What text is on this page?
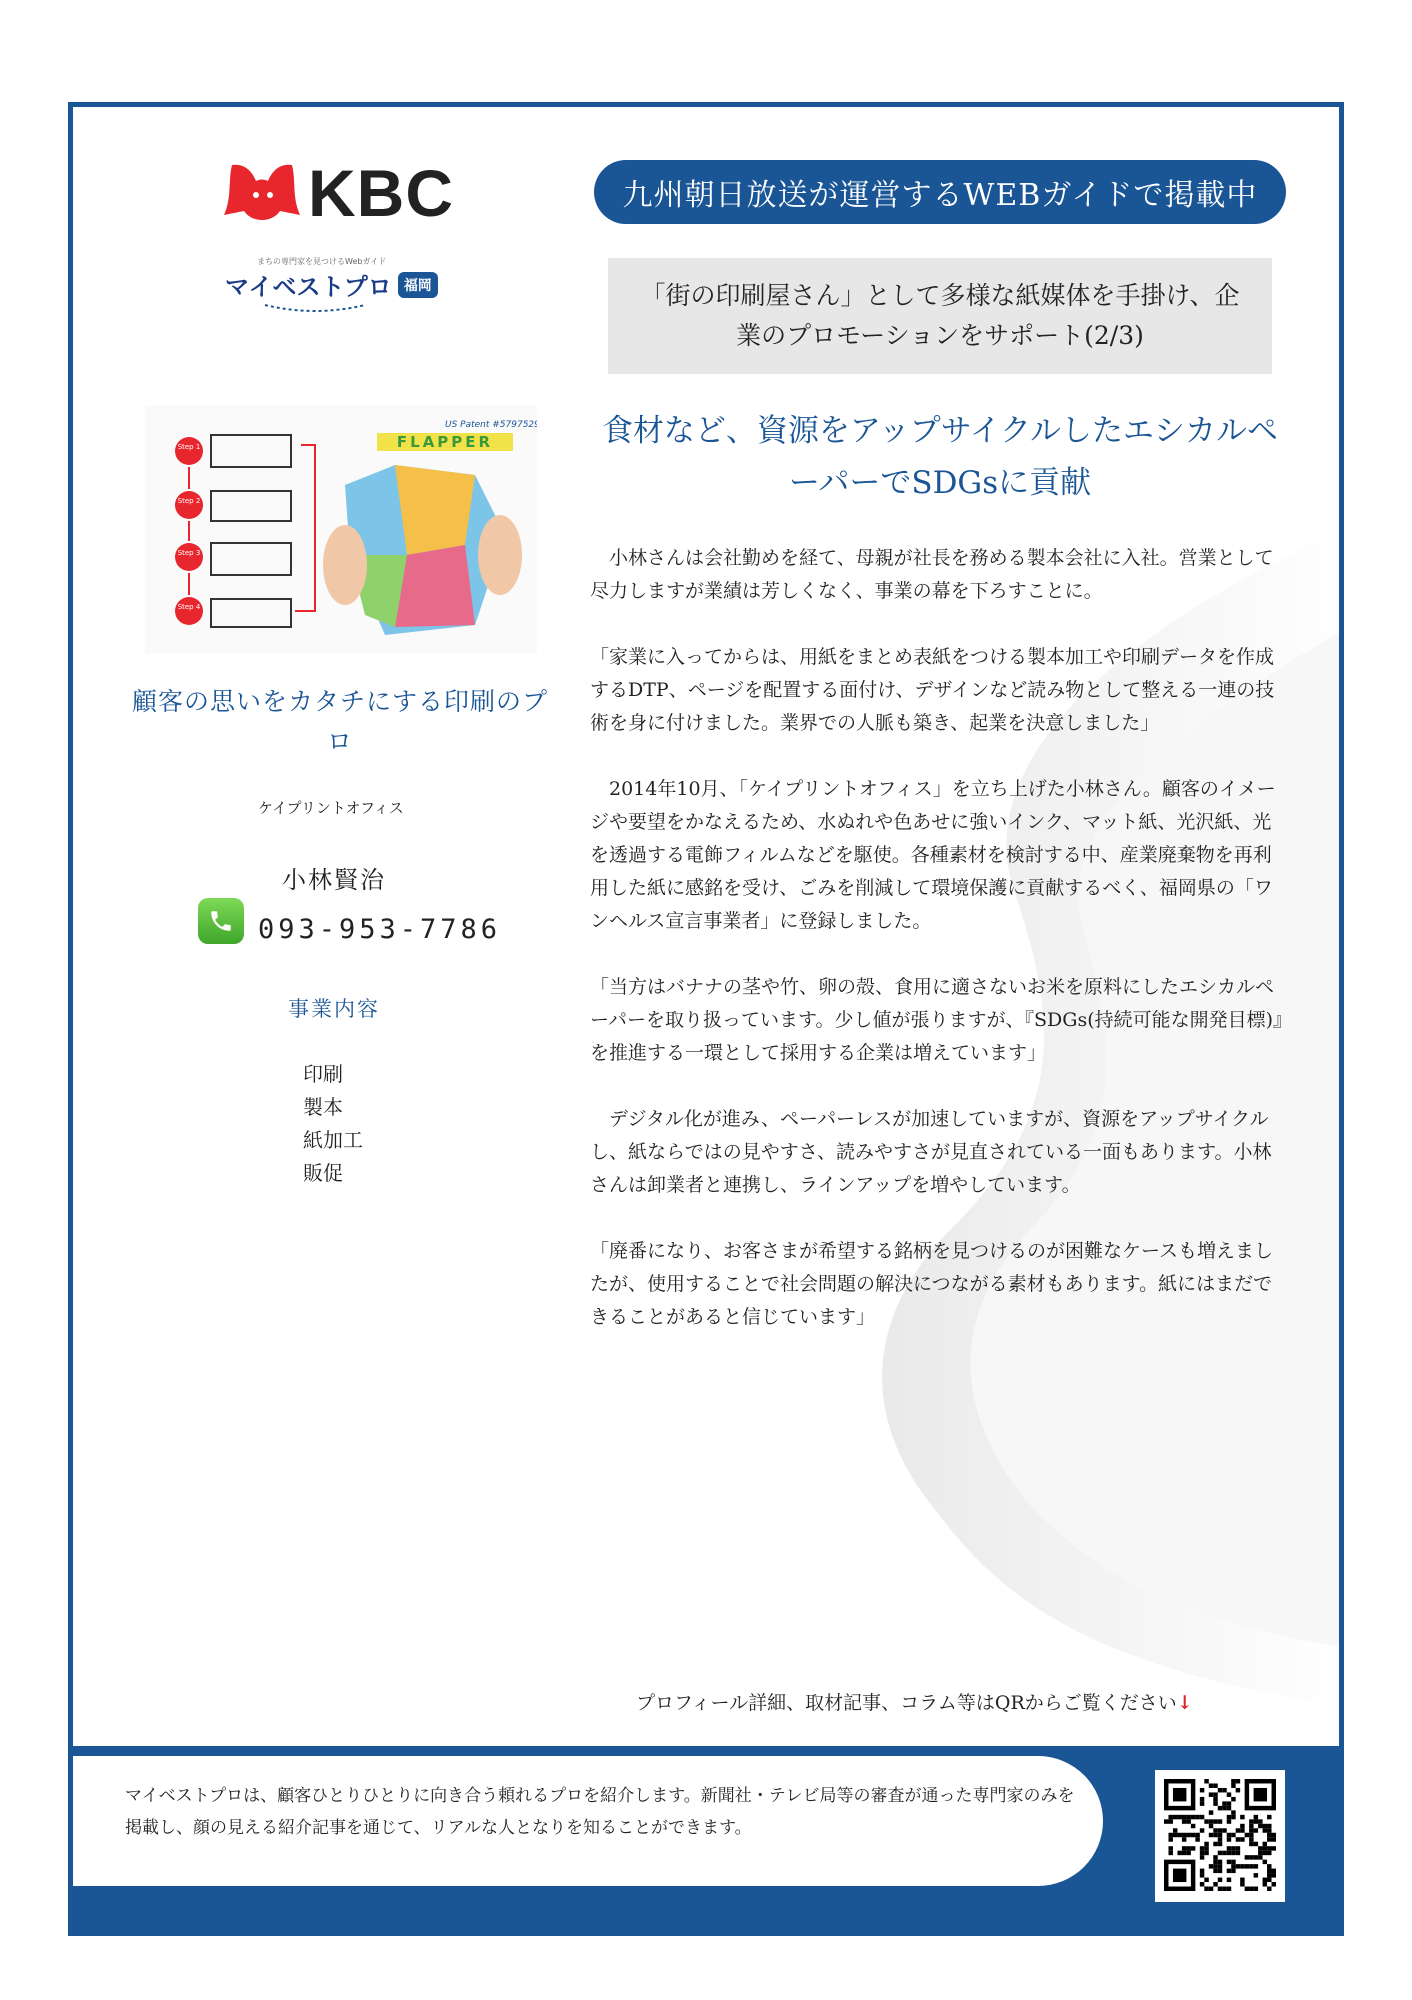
マイベストプロは、顧客ひとりひとりに向き合う頼れるプロを紹介します。新聞社・テレビ局等の審査が通った専門家のみを掲載し、顔の見える紹介記事を通じて、リアルな人となりを知ることができます。
KBC
まちの専門家を見つけるWebガイド
マイベストプロ 福岡
九州朝日放送が運営するWEBガイドで掲載中
「街の印刷屋さん」として多様な紙媒体を手掛け、企業のプロモーションをサポート(2/3)
Step 1
Step 2
Step 3
Step 4
US Patent #5797529
FLAPPER
顧客の思いをカタチにする印刷のプロ
ケイプリントオフィス
小林賢治
093-953-7786
事業内容
印刷
製本
紙加工
販促
食材など、資源をアップサイクルしたエシカルペーパーでSDGsに貢献

　小林さんは会社勤めを経て、母親が社長を務める製本会社に入社。営業として尽力しますが業績は芳しくなく、事業の幕を下ろすことに。

「家業に入ってからは、用紙をまとめ表紙をつける製本加工や印刷データを作成するDTP、ページを配置する面付け、デザインなど読み物として整える一連の技術を身に付けました。業界での人脈も築き、起業を決意しました」

　2014年10月、「ケイプリントオフィス」を立ち上げた小林さん。顧客のイメージや要望をかなえるため、水ぬれや色あせに強いインク、マット紙、光沢紙、光を透過する電飾フィルムなどを駆使。各種素材を検討する中、産業廃棄物を再利用した紙に感銘を受け、ごみを削減して環境保護に貢献するべく、福岡県の「ワンヘルス宣言事業者」に登録しました。

「当方はバナナの茎や竹、卵の殻、食用に適さないお米を原料にしたエシカルペーパーを取り扱っています。少し値が張りますが、『SDGs(持続可能な開発目標)』を推進する一環として採用する企業は増えています」

　デジタル化が進み、ペーパーレスが加速していますが、資源をアップサイクルし、紙ならではの見やすさ、読みやすさが見直されている一面もあります。小林さんは卸業者と連携し、ラインアップを増やしています。

「廃番になり、お客さまが希望する銘柄を見つけるのが困難なケースも増えましたが、使用することで社会問題の解決につながる素材もあります。紙にはまだできることがあると信じています」

プロフィール詳細、取材記事、コラム等はQRからご覧ください↓
